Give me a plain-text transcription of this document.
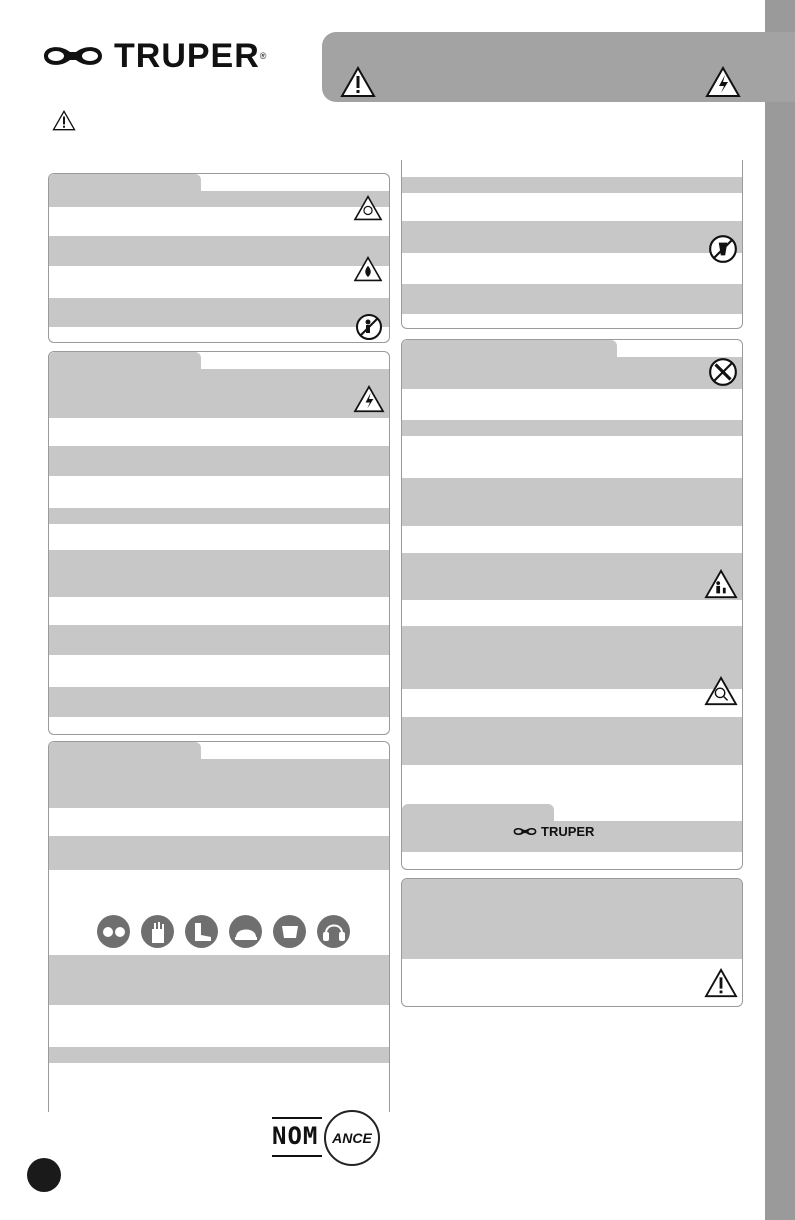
TRUPER ®
TRUPER
NOM ANCE
